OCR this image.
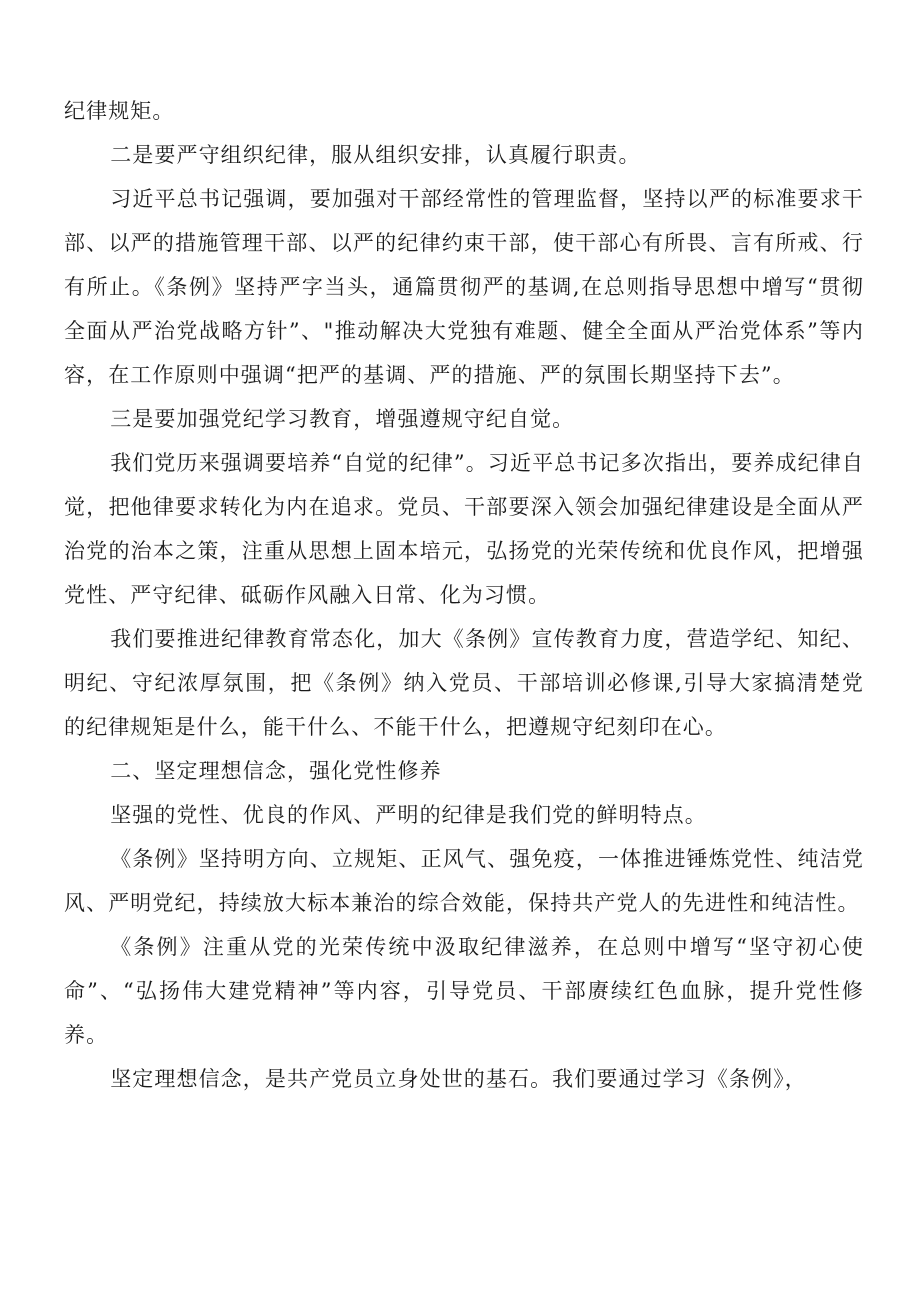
纪律规矩。

二是要严守组织纪律，服从组织安排，认真履行职责。

习近平总书记强调，要加强对干部经常性的管理监督，坚持以严的标准要求干部、以严的措施管理干部、以严的纪律约束干部，使干部心有所畏、言有所戒、行有所止。《条例》坚持严字当头，通篇贯彻严的基调,在总则指导思想中增写“贯彻全面从严治党战略方针”、"推动解决大党独有难题、健全全面从严治党体系”等内容，在工作原则中强调“把严的基调、严的措施、严的氛围长期坚持下去”。

三是要加强党纪学习教育，增强遵规守纪自觉。

我们党历来强调要培养“自觉的纪律”。习近平总书记多次指出，要养成纪律自觉，把他律要求转化为内在追求。党员、干部要深入领会加强纪律建设是全面从严治党的治本之策，注重从思想上固本培元，弘扬党的光荣传统和优良作风，把增强党性、严守纪律、砥砺作风融入日常、化为习惯。

我们要推进纪律教育常态化，加大《条例》宣传教育力度，营造学纪、知纪、明纪、守纪浓厚氛围，把《条例》纳入党员、干部培训必修课,引导大家搞清楚党的纪律规矩是什么，能干什么、不能干什么，把遵规守纪刻印在心。

二、坚定理想信念，强化党性修养

坚强的党性、优良的作风、严明的纪律是我们党的鲜明特点。

《条例》坚持明方向、立规矩、正风气、强免疫，一体推进锤炼党性、纯洁党风、严明党纪，持续放大标本兼治的综合效能，保持共产党人的先进性和纯洁性。

《条例》注重从党的光荣传统中汲取纪律滋养，在总则中增写“坚守初心使命”、“弘扬伟大建党精神”等内容，引导党员、干部赓续红色血脉，提升党性修养。

坚定理想信念，是共产党员立身处世的基石。我们要通过学习《条例》，
